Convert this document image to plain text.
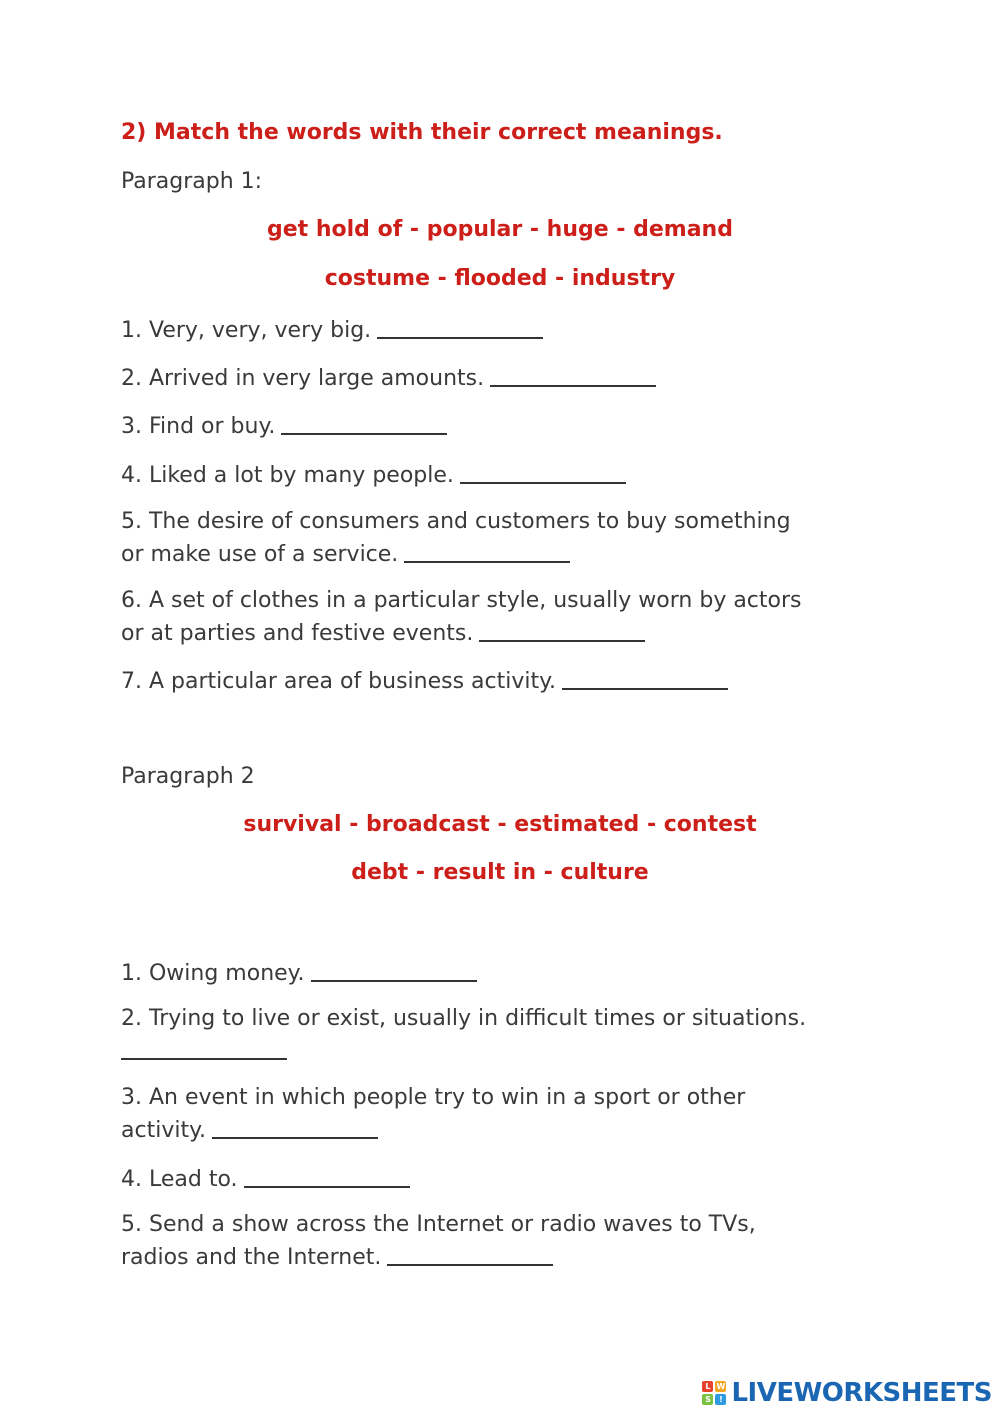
2) Match the words with their correct meanings.
Paragraph 1:
get hold of - popular - huge - demand
costume - flooded - industry
1. Very, very, very big.
2. Arrived in very large amounts.
3. Find or buy.
4. Liked a lot by many people.
5. The desire of consumers and customers to buy something
or make use of a service.
6. A set of clothes in a particular style, usually worn by actors
or at parties and festive events.
7. A particular area of business activity.
Paragraph 2
survival - broadcast - estimated - contest
debt - result in - culture
1. Owing money.
2. Trying to live or exist, usually in difficult times or situations.
3. An event in which people try to win in a sport or other
activity.
4. Lead to.
5. Send a show across the Internet or radio waves to TVs,
radios and the Internet.
L W
S	! LIVEWORKSHEETS
